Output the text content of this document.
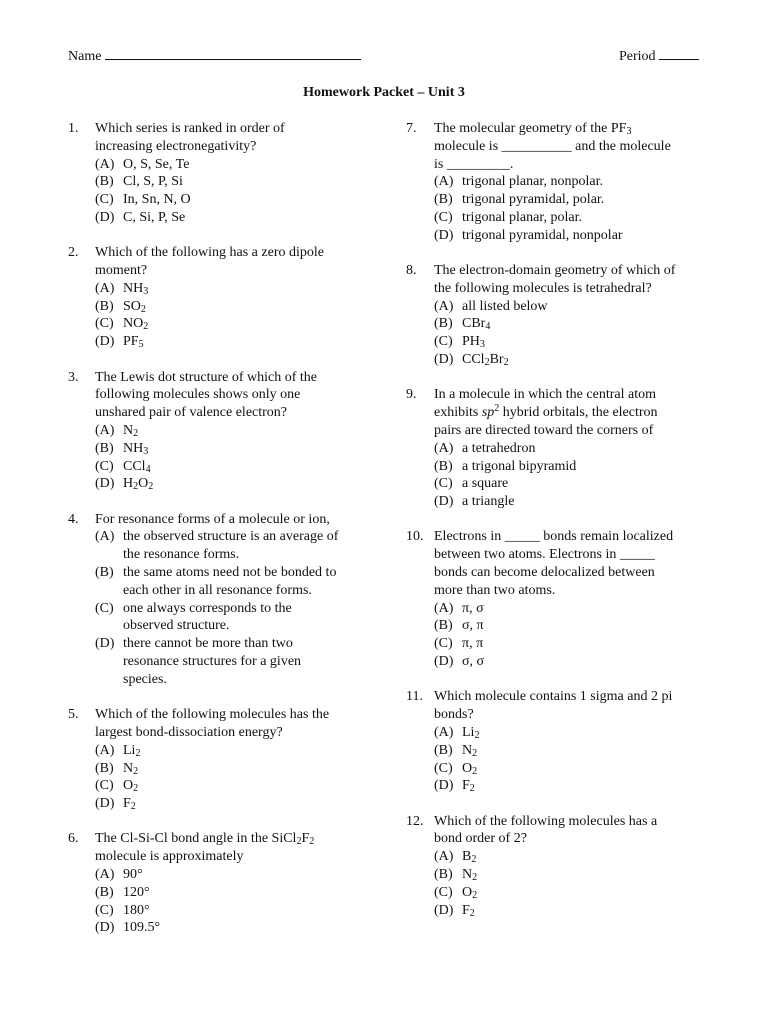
Name	Period
Homework Packet – Unit 3
1. Which series is ranked in order of
increasing electronegativity?
(A) O, S, Se, Te
(B) Cl, S, P, Si
(C) In, Sn, N, O
(D) C, Si, P, Se
2. Which of the following has a zero dipole
moment?
(A) $NH_3$
(B) $SO_2$
(C) $NO_2$
(D) $PF_5$
3. The Lewis dot structure of which of the
following molecules shows only one
unshared pair of valence electron?
(A) $N_2$
(B) $NH_3$
(C) CCl$_4$
(D) $H_2O_2$
4. For resonance forms of a molecule or ion,
(A) the observed structure is an average of
the resonance forms.
(B) the same atoms need not be bonded to
each other in all resonance forms.
(C) one always corresponds to the
observed structure.
(D) there cannot be more than two
resonance structures for a given
species.
5. Which of the following molecules has the
largest bond-dissociation energy?
(A) $Li_2$
(B) $N_2$
(C) $O_2$
(D) $F_2$
6. The Cl-Si-Cl bond angle in the $SiCl_2F_2$
molecule is approximately
(A) 90°
(B) 120°
(C) 180°
(D) 109.5°
7. The molecular geometry of the $PF_3$
molecule is __________ and the molecule
is _________.
(A) trigonal planar, nonpolar.
(B) trigonal pyramidal, polar.
(C) trigonal planar, polar.
(D) trigonal pyramidal, nonpolar
8. The electron-domain geometry of which of
the following molecules is tetrahedral?
(A) all listed below
(B) CBr$_4$
(C) $PH_3$
(D) $CCl_2Br_2$
9. In a molecule in which the central atom
exhibits $sp^2$ hybrid orbitals, the electron
pairs are directed toward the corners of
(A) a tetrahedron
(B) a trigonal bipyramid
(C) a square
(D) a triangle
10. Electrons in _____ bonds remain localized
between two atoms. Electrons in _____
bonds can become delocalized between
more than two atoms.
(A) π, σ
(B) σ, π
(C) π, π
(D) σ, σ
11. Which molecule contains 1 sigma and 2 pi
bonds?
(A) $Li_2$
(B) $N_2$
(C) $O_2$
(D) $F_2$
12. Which of the following molecules has a
bond order of 2?
(A) $B_2$
(B) $N_2$
(C) $O_2$
(D) $F_2$
